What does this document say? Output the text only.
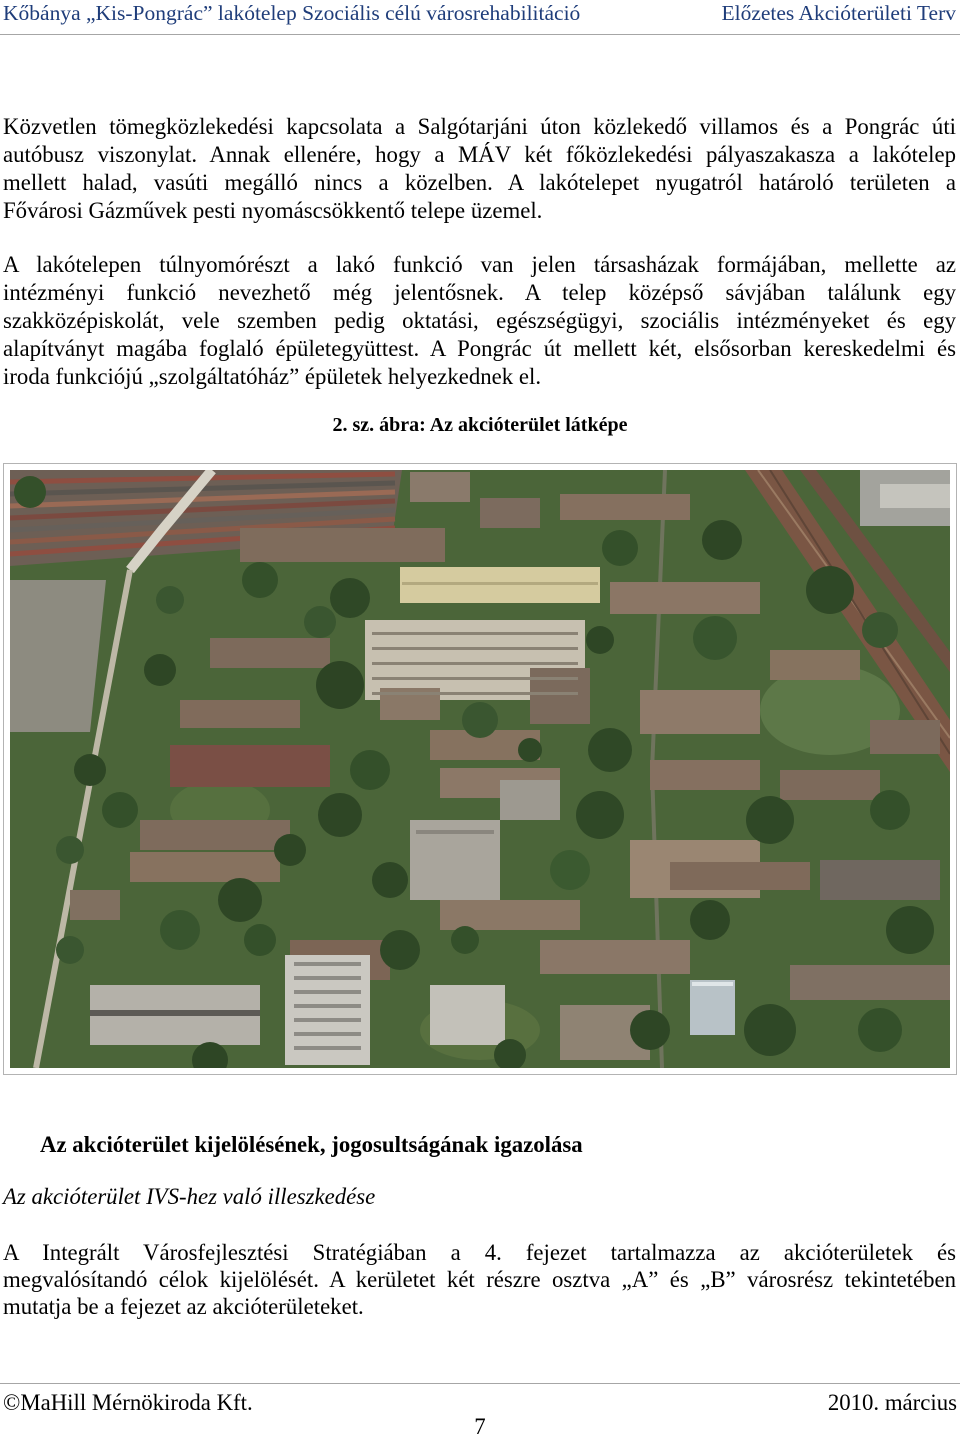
Kőbánya „Kis-Pongrác” lakótelep Szociális célú városrehabilitáció	Előzetes Akcióterületi Terv
Közvetlen tömegközlekedési kapcsolata a Salgótarjáni úton közlekedő villamos és a Pongrác úti
autóbusz viszonylat. Annak ellenére, hogy a MÁV két főközlekedési pályaszakasza a lakótelep
mellett halad, vasúti megálló nincs a közelben. A lakótelepet nyugatról határoló területen a
Fővárosi Gázművek pesti nyomáscsökkentő telepe üzemel.
A lakótelepen túlnyomórészt a lakó funkció van jelen társasházak formájában, mellette az
intézményi funkció nevezhető még jelentősnek. A telep középső sávjában találunk egy
szakközépiskolát, vele szemben pedig oktatási, egészségügyi, szociális intézményeket és egy
alapítványt magába foglaló épületegyüttest. A Pongrác út mellett két, elsősorban kereskedelmi és
iroda funkciójú „szolgáltatóház” épületek helyezkednek el.
2. sz. ábra: Az akcióterület látképe
Az akcióterület kijelölésének, jogosultságának igazolása
Az akcióterület IVS-hez való illeszkedése
A Integrált Városfejlesztési Stratégiában a 4. fejezet tartalmazza az akcióterületek és
megvalósítandó célok kijelölését. A kerületet két részre osztva „A” és „B” városrész tekintetében
mutatja be a fejezet az akcióterületeket.
©MaHill Mérnökiroda Kft.	2010. március
7
